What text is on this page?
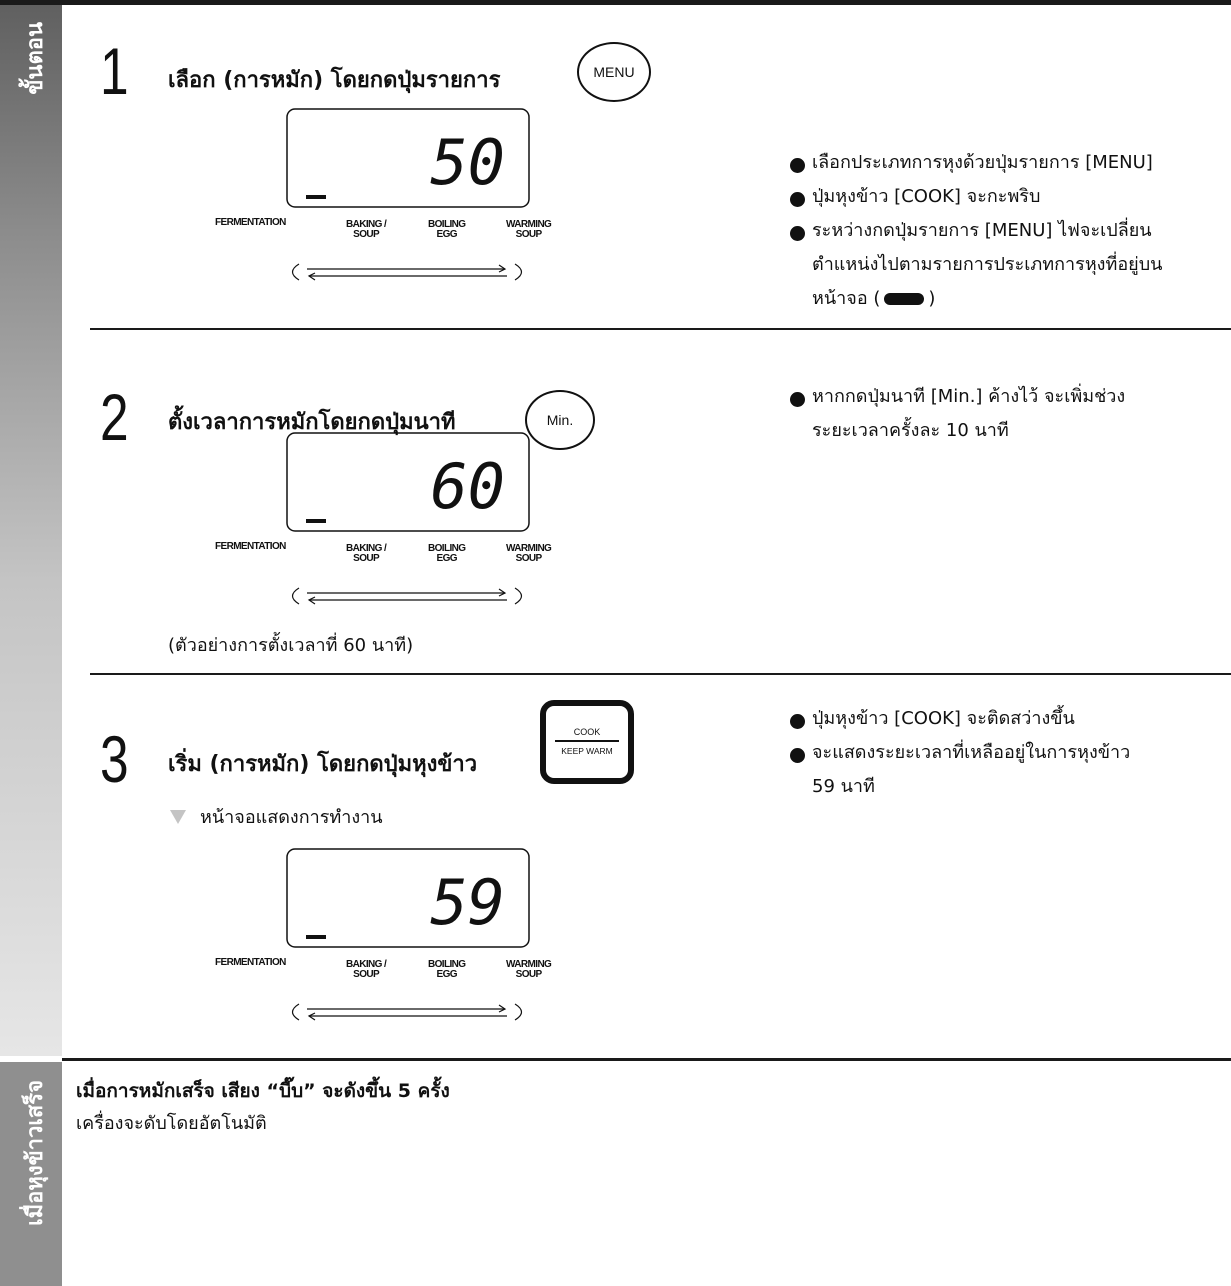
ขั้นตอน
เมื่อหุงข้าวเสร็จ
1 เลือก (การหมัก) โดยกดปุ่มรายการ	MENU
50
FERMENTATION	BAKING /
SOUP
BOILING
EGG
WARMING
SOUP
เลือกประเภทการหุงด้วยปุ่มรายการ [MENU]
ปุ่มหุงข้าว [COOK] จะกะพริบ
ระหว่างกดปุ่มรายการ [MENU] ไฟจะเปลี่ยน
ตำแหน่งไปตามรายการประเภทการหุงที่อยู่บน
หน้าจอ (	)
2 ตั้งเวลาการหมักโดยกดปุ่มนาที	Min.
60
FERMENTATION	BAKING /
SOUP
BOILING
EGG
WARMING
SOUP
(ตัวอย่างการตั้งเวลาที่ 60 นาที)
หากกดปุ่มนาที [Min.] ค้างไว้ จะเพิ่มช่วง
ระยะเวลาครั้งละ 10 นาที
3 เริ่ม (การหมัก) โดยกดปุ่มหุงข้าว
COOK
KEEP WARM
หน้าจอแสดงการทำงาน
59
FERMENTATION	BAKING /
SOUP
BOILING
EGG
WARMING
SOUP
ปุ่มหุงข้าว [COOK] จะติดสว่างขึ้น
จะแสดงระยะเวลาที่เหลืออยู่ในการหุงข้าว
59 นาที
เมื่อการหมักเสร็จ เสียง “บี๊บ” จะดังขึ้น 5 ครั้ง
เครื่องจะดับโดยอัตโนมัติ
